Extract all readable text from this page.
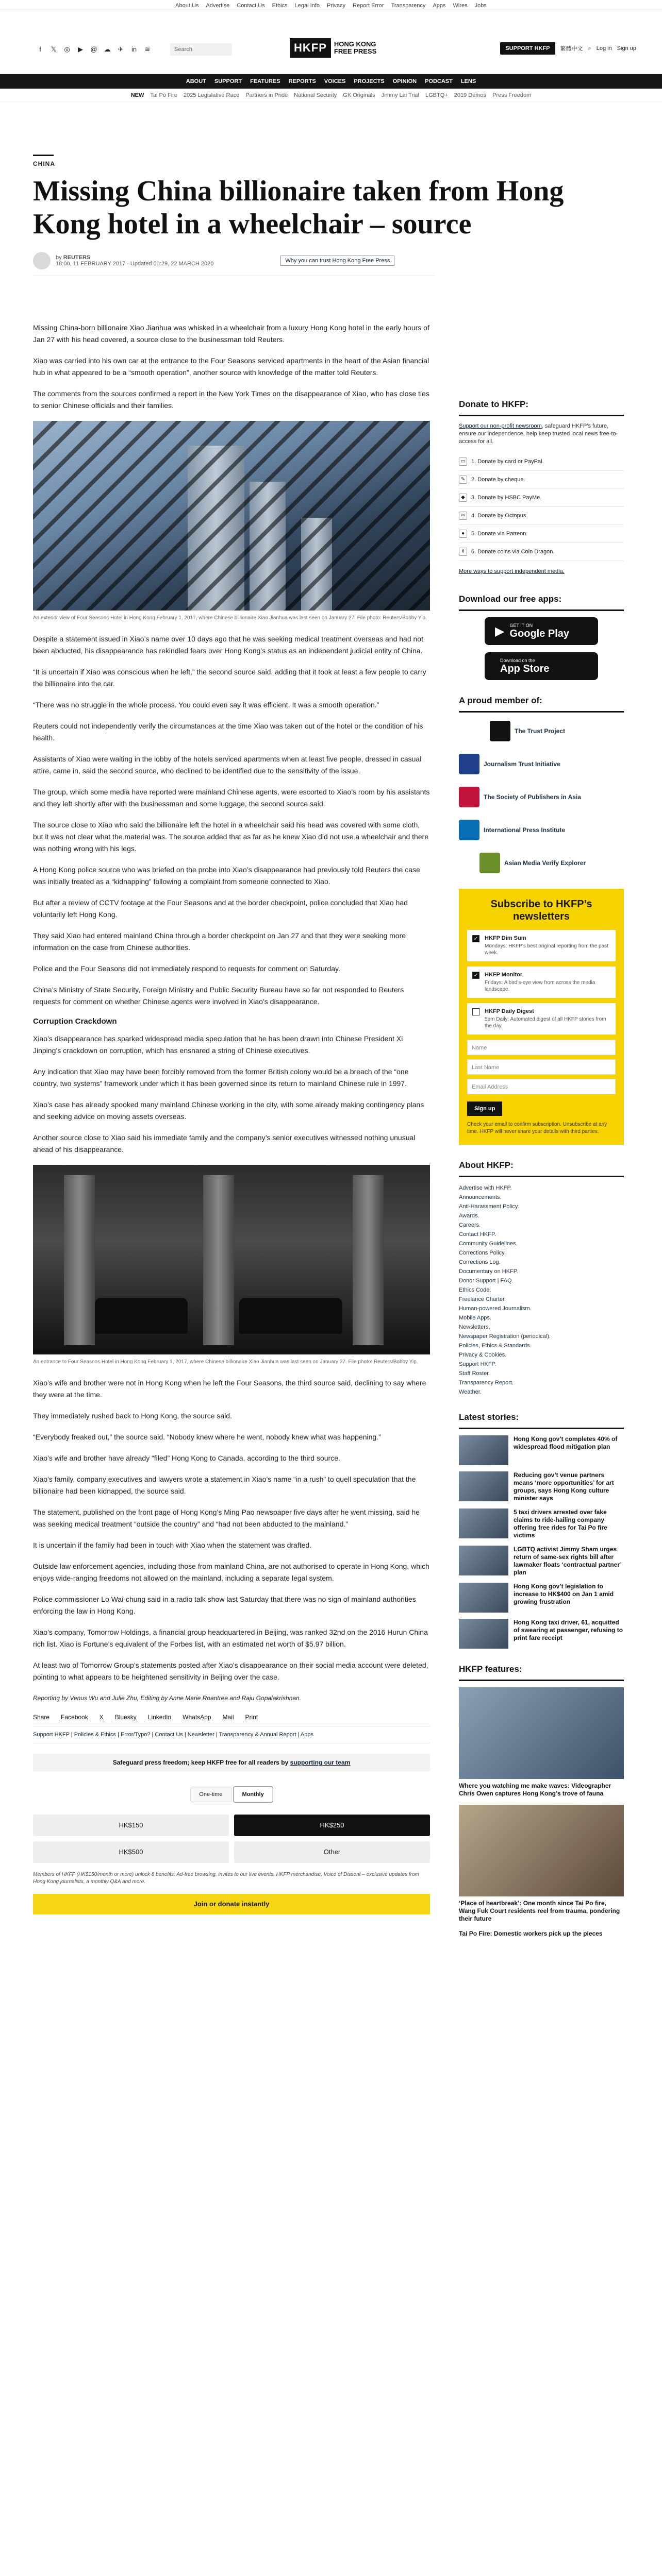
About Us Advertise Contact Us Ethics Legal Info Privacy Report Error Transparency Apps Wires Jobs
f	𝕏 ◎ ▶ @ ☁ ✈ in ≋	Search	HKFP	HONG KONG
FREE PRESS	SUPPORT HKFP	繁體中文 ⌕ Log in Sign up
ABOUT SUPPORT FEATURES REPORTS VOICES PROJECTS OPINION PODCAST LENS
NEW Tai Po Fire 2025 Legislative Race Partners in Pride National Security GK Originals Jimmy Lai Trial LGBTQ+ 2019 Demos Press Freedom
CHINA
Missing China billionaire taken from Hong Kong hotel in a wheelchair – source
by REUTERS
18:00, 11 FEBRUARY 2017 · Updated 00:29, 22 MARCH 2020	Why you can trust Hong Kong Free Press

Missing China-born billionaire Xiao Jianhua was whisked in a wheelchair from a luxury Hong Kong hotel in the early hours of Jan 27 with his head covered, a source close to the businessman told Reuters.

Xiao was carried into his own car at the entrance to the Four Seasons serviced apartments in the heart of the Asian financial hub in what appeared to be a “smooth operation”, another source with knowledge of the matter told Reuters.

The comments from the sources confirmed a report in the New York Times on the disappearance of Xiao, who has close ties to senior Chinese officials and their families.

An exterior view of Four Seasons Hotel in Hong Kong February 1, 2017, where Chinese billionaire Xiao Jianhua was last seen on January 27. File photo: Reuters/Bobby Yip.

Despite a statement issued in Xiao’s name over 10 days ago that he was seeking medical treatment overseas and had not been abducted, his disappearance has rekindled fears over Hong Kong’s status as an independent judicial entity of China.

“It is uncertain if Xiao was conscious when he left,” the second source said, adding that it took at least a few people to carry the billionaire into the car.

“There was no struggle in the whole process. You could even say it was efficient. It was a smooth operation.”

Reuters could not independently verify the circumstances at the time Xiao was taken out of the hotel or the condition of his health.

Assistants of Xiao were waiting in the lobby of the hotels serviced apartments when at least five people, dressed in casual attire, came in, said the second source, who declined to be identified due to the sensitivity of the issue.

The group, which some media have reported were mainland Chinese agents, were escorted to Xiao’s room by his assistants and they left shortly after with the businessman and some luggage, the second source said.

The source close to Xiao who said the billionaire left the hotel in a wheelchair said his head was covered with some cloth, but it was not clear what the material was. The source added that as far as he knew Xiao did not use a wheelchair and there was nothing wrong with his legs.

A Hong Kong police source who was briefed on the probe into Xiao’s disappearance had previously told Reuters the case was initially treated as a “kidnapping” following a complaint from someone connected to Xiao.

But after a review of CCTV footage at the Four Seasons and at the border checkpoint, police concluded that Xiao had voluntarily left Hong Kong.

They said Xiao had entered mainland China through a border checkpoint on Jan 27 and that they were seeking more information on the case from Chinese authorities.

Police and the Four Seasons did not immediately respond to requests for comment on Saturday.

China’s Ministry of State Security, Foreign Ministry and Public Security Bureau have so far not responded to Reuters requests for comment on whether Chinese agents were involved in Xiao’s disappearance.

Corruption Crackdown

Xiao’s disappearance has sparked widespread media speculation that he has been drawn into Chinese President Xi Jinping’s crackdown on corruption, which has ensnared a string of Chinese executives.

Any indication that Xiao may have been forcibly removed from the former British colony would be a breach of the “one country, two systems” framework under which it has been governed since its return to mainland Chinese rule in 1997.

Xiao’s case has already spooked many mainland Chinese working in the city, with some already making contingency plans and seeking advice on moving assets overseas.

Another source close to Xiao said his immediate family and the company’s senior executives witnessed nothing unusual ahead of his disappearance.

An entrance to Four Seasons Hotel in Hong Kong February 1, 2017, where Chinese billionaire Xiao Jianhua was last seen on January 27. File photo: Reuters/Bobby Yip.

Xiao’s wife and brother were not in Hong Kong when he left the Four Seasons, the third source said, declining to say where they were at the time.

They immediately rushed back to Hong Kong, the source said.

“Everybody freaked out,” the source said. “Nobody knew where he went, nobody knew what was happening.”

Xiao’s wife and brother have already “filed” Hong Kong to Canada, according to the third source.

Xiao’s family, company executives and lawyers wrote a statement in Xiao’s name “in a rush” to quell speculation that the billionaire had been kidnapped, the source said.

The statement, published on the front page of Hong Kong’s Ming Pao newspaper five days after he went missing, said he was seeking medical treatment “outside the country” and “had not been abducted to the mainland.”

It is uncertain if the family had been in touch with Xiao when the statement was drafted.

Outside law enforcement agencies, including those from mainland China, are not authorised to operate in Hong Kong, which enjoys wide-ranging freedoms not allowed on the mainland, including a separate legal system.

Police commissioner Lo Wai-chung said in a radio talk show last Saturday that there was no sign of mainland authorities enforcing the law in Hong Kong.

Xiao’s company, Tomorrow Holdings, a financial group headquartered in Beijing, was ranked 32nd on the 2016 Hurun China rich list. Xiao is Fortune’s equivalent of the Forbes list, with an estimated net worth of $5.97 billion.

At least two of Tomorrow Group’s statements posted after Xiao’s disappearance on their social media account were deleted, pointing to what appears to be heightened sensitivity in Beijing over the case.

Reporting by Venus Wu and Julie Zhu, Editing by Anne Marie Roantree and Raju Gopalakrishnan.

Share Facebook X Bluesky LinkedIn WhatsApp Mail Print
Support HKFP | Policies & Ethics | Error/Typo? | Contact Us | Newsletter | Transparency & Annual Report | Apps
Safeguard press freedom; keep HKFP free for all readers by supporting our team
One-time	Monthly
HK$150	HK$250
HK$500	Other
Members of HKFP (HK$150/month or more) unlock 8 benefits: Ad-free browsing, invites to our live events, HKFP merchandise, Voice of Dissent – exclusive updates from Hong Kong journalists, a monthly Q&A and more.
Join or donate instantly
Donate to HKFP:
Support our non-profit newsroom, safeguard HKFP’s future, ensure our independence, help keep trusted local news free-to-access for all.
▭ 1. Donate by card or PayPal.
✎	2. Donate by cheque.
◆	3. Donate by HSBC PayMe.
∞	4. Donate by Octopus.
●	5. Donate via Patreon.
¢	6. Donate coins via Coin Dragon.
More ways to support independent media.
Download our free apps:
▶ GET IT ON
Google Play
Download on the
App Store
A proud member of:
The Trust Project
Journalism Trust Initiative
The Society of Publishers in Asia
International Press Institute
Asian Media Verify Explorer
Subscribe to HKFP’s newsletters
✓ HKFP Dim Sum
Mondays: HKFP’s best original reporting from the past week.
✓ HKFP Monitor
Fridays: A bird’s-eye view from across the media landscape.
HKFP Daily Digest
5pm Daily: Automated digest of all HKFP stories from the day.
Name
Last Name
Email Address
Sign up
Check your email to confirm subscription. Unsubscribe at any time. HKFP will never share your details with third parties.
About HKFP:
Advertise with HKFP.
Announcements.
Anti-Harassment Policy.
Awards.
Careers.
Contact HKFP.
Community Guidelines.
Corrections Policy.
Corrections Log.
Documentary on HKFP.
Donor Support | FAQ.
Ethics Code.
Freelance Charter.
Human-powered Journalism.
Mobile Apps.
Newsletters.
Newspaper Registration (periodical).
Policies, Ethics & Standards.
Privacy & Cookies.
Support HKFP.
Staff Roster.
Transparency Report.
Weather.
Latest stories:
Hong Kong gov’t completes 40% of widespread flood mitigation plan
Reducing gov’t venue partners means ‘more opportunities’ for art groups, says Hong Kong culture minister says
5 taxi drivers arrested over fake claims to ride-hailing company offering free rides for Tai Po fire victims
LGBTQ activist Jimmy Sham urges return of same-sex rights bill after lawmaker floats ‘contractual partner’ plan
Hong Kong gov’t legislation to increase to HK$400 on Jan 1 amid growing frustration
Hong Kong taxi driver, 61, acquitted of swearing at passenger, refusing to print fare receipt
HKFP features:
Where you watching me make waves: Videographer Chris Owen captures Hong Kong’s trove of fauna
‘Place of heartbreak’: One month since Tai Po fire, Wang Fuk Court residents reel from trauma, pondering their future
Tai Po Fire: Domestic workers pick up the pieces
